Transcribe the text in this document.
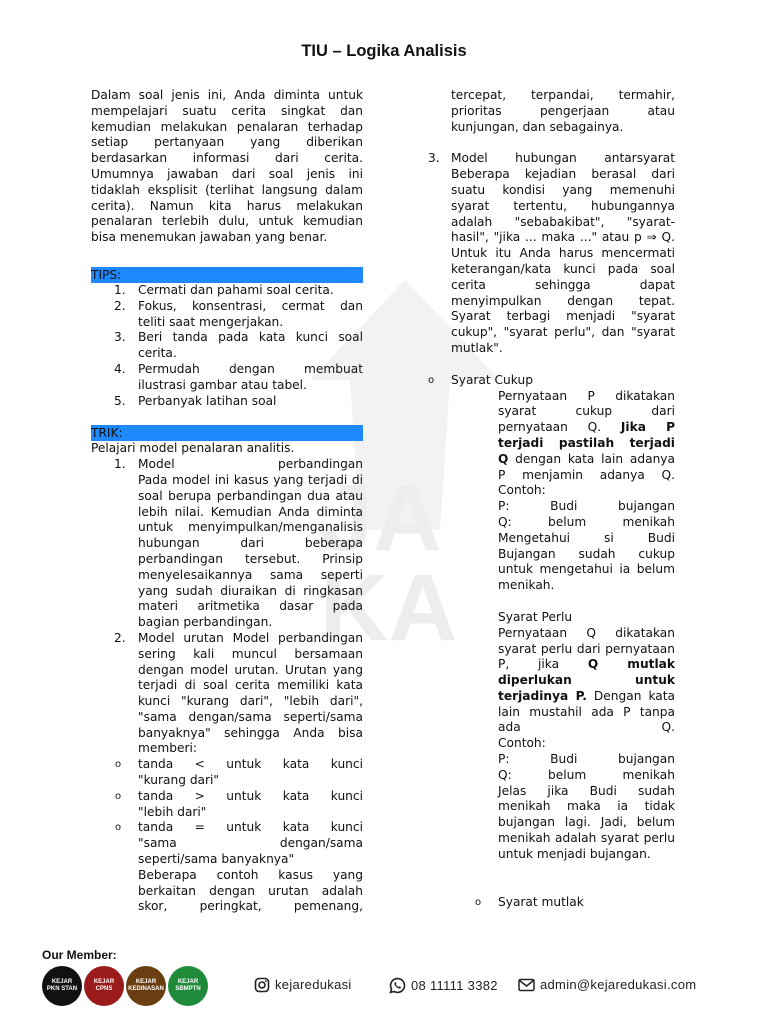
JA
KA
TIU – Logika Analisis

Dalam soal jenis ini, Anda diminta untuk

mempelajari suatu cerita singkat dan

kemudian melakukan penalaran terhadap

setiap pertanyaan yang diberikan

berdasarkan informasi dari cerita.

Umumnya jawaban dari soal jenis ini

tidaklah eksplisit (terlihat langsung dalam

cerita). Namun kita harus melakukan

penalaran terlebih dulu, untuk kemudian

bisa menemukan jawaban yang benar.

TIPS:
1. Cermati dan pahami soal cerita.

2. Fokus, konsentrasi, cermat dan

teliti saat mengerjakan.

3. Beri tanda pada kata kunci soal

cerita.

4. Permudah dengan membuat

ilustrasi gambar atau tabel.

5. Perbanyak latihan soal

TRIK:

Pelajari model penalaran analitis.

1. Model perbandingan

Pada model ini kasus yang terjadi di

soal berupa perbandingan dua atau

lebih nilai. Kemudian Anda diminta

untuk menyimpulkan/menganalisis

hubungan dari beberapa

perbandingan tersebut. Prinsip

menyelesaikannya sama seperti

yang sudah diuraikan di ringkasan

materi aritmetika dasar pada

bagian perbandingan.

2. Model urutan Model perbandingan

sering kali muncul bersamaan

dengan model urutan. Urutan yang

terjadi di soal cerita memiliki kata

kunci "kurang dari", "lebih dari",

"sama dengan/sama seperti/sama

banyaknya" sehingga Anda bisa

memberi:

o tanda < untuk kata kunci

"kurang dari"

o tanda > untuk kata kunci

"lebih dari"

o tanda = untuk kata kunci

"sama dengan/sama

seperti/sama banyaknya"

Beberapa contoh kasus yang

berkaitan dengan urutan adalah

skor, peringkat, pemenang,

tercepat, terpandai, termahir,

prioritas pengerjaan atau

kunjungan, dan sebagainya.

3. Model hubungan antarsyarat

Beberapa kejadian berasal dari

suatu kondisi yang memenuhi

syarat tertentu, hubungannya

adalah "sebabakibat", "syarat-

hasil", "jika ... maka ..." atau p ⇒ Q.

Untuk itu Anda harus mencermati

keterangan/kata kunci pada soal

cerita sehingga dapat

menyimpulkan dengan tepat.

Syarat terbagi menjadi "syarat

cukup", "syarat perlu", dan "syarat

mutlak".

o Syarat Cukup

Pernyataan P dikatakan

syarat cukup dari

pernyataan Q. Jika P

terjadi pastilah terjadi

Q dengan kata lain adanya

P menjamin adanya Q.

Contoh:

P: Budi bujangan

Q: belum menikah

Mengetahui si Budi

Bujangan sudah cukup

untuk mengetahui ia belum

menikah.

Syarat Perlu

Pernyataan Q dikatakan

syarat perlu dari pernyataan

P, jika Q mutlak

diperlukan untuk

terjadinya P. Dengan kata

lain mustahil ada P tanpa

ada Q.

Contoh:

P: Budi bujangan

Q: belum menikah

Jelas jika Budi sudah

menikah maka ia tidak

bujangan lagi. Jadi, belum

menikah adalah syarat perlu

untuk menjadi bujangan.

o Syarat mutlak

Our Member:
KEJAR
PKN STAN
KEJAR
CPNS
KEJAR
KEDINASAN
KEJAR
SBMPTN	kejaredukasi	08 11111 3382	admin@kejaredukasi.com
